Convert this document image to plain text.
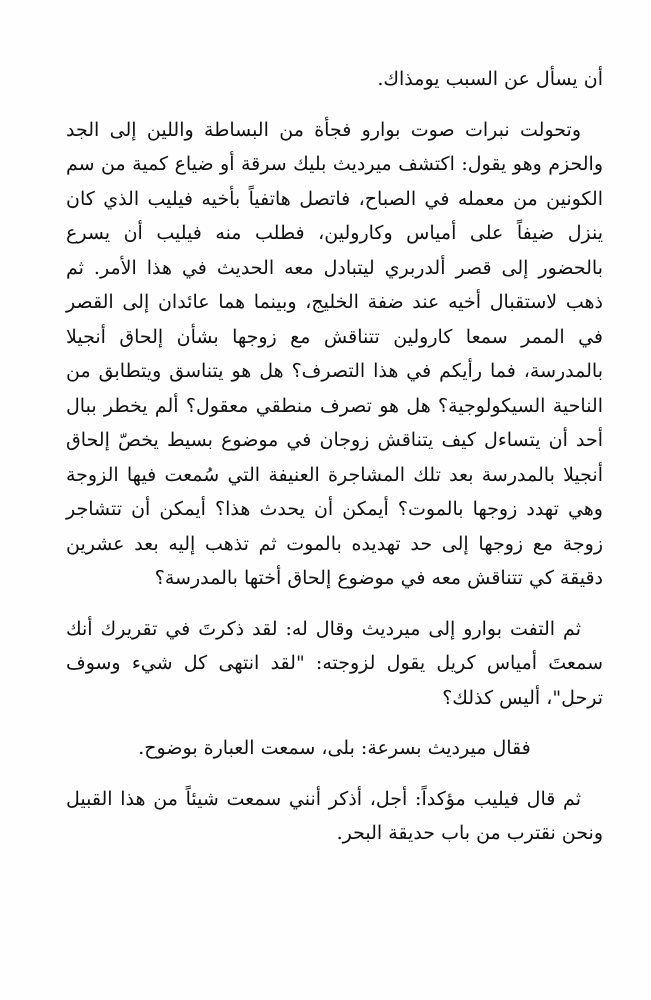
أن يسأل عن السبب يومذاك.

وتحولت نبرات صوت بوارو فجأة من البساطة واللين إلى الجد والحزم وهو يقول: اكتشف ميرديث بليك سرقة أو ضياع كمية من سم الكونين من معمله في الصباح، فاتصل هاتفياً بأخيه فيليب الذي كان ينزل ضيفاً على أمياس وكارولين، فطلب منه فيليب أن يسرع بالحضور إلى قصر ألدربري ليتبادل معه الحديث في هذا الأمر. ثم ذهب لاستقبال أخيه عند ضفة الخليج، وبينما هما عائدان إلى القصر في الممر سمعا كارولين تتناقش مع زوجها بشأن إلحاق أنجيلا بالمدرسة، فما رأيكم في هذا التصرف؟ هل هو يتناسق ويتطابق من الناحية السيكولوجية؟ هل هو تصرف منطقي معقول؟ ألم يخطر ببال أحد أن يتساءل كيف يتناقش زوجان في موضوع بسيط يخصّ إلحاق أنجيلا بالمدرسة بعد تلك المشاجرة العنيفة التي سُمعت فيها الزوجة وهي تهدد زوجها بالموت؟ أيمكن أن يحدث هذا؟ أيمكن أن تتشاجر زوجة مع زوجها إلى حد تهديده بالموت ثم تذهب إليه بعد عشرين دقيقة كي تتناقش معه في موضوع إلحاق أختها بالمدرسة؟

ثم التفت بوارو إلى ميرديث وقال له: لقد ذكرتَ في تقريرك أنك سمعتَ أمياس كريل يقول لزوجته: "لقد انتهى كل شيء وسوف ترحل"، أليس كذلك؟

فقال ميرديث بسرعة: بلى، سمعت العبارة بوضوح.

ثم قال فيليب مؤكداً: أجل، أذكر أنني سمعت شيئاً من هذا القبيل ونحن نقترب من باب حديقة البحر.
